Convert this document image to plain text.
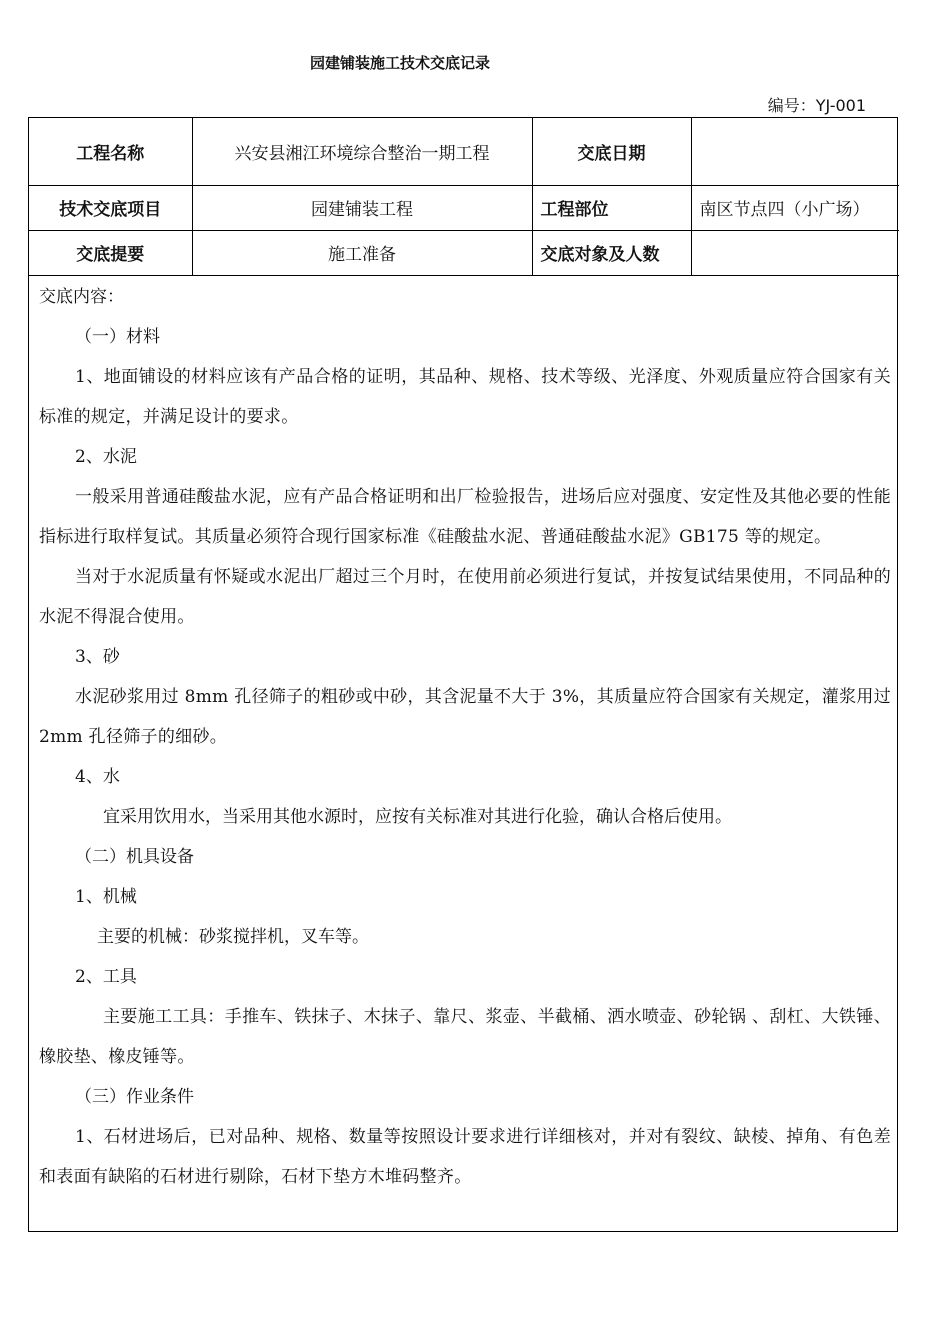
园建铺装施工技术交底记录
编号：YJ-001
工程名称	兴安县湘江环境综合整治一期工程	交底日期	
技术交底项目	园建铺装工程	工程部位	南区节点四（小广场）
交底提要	施工准备	交底对象及人数	

交底内容：

（一）材料

1、地面铺设的材料应该有产品合格的证明，其品种、规格、技术等级、光泽度、外观质量应符合国家有关标准的规定，并满足设计的要求。

2、水泥

一般采用普通硅酸盐水泥，应有产品合格证明和出厂检验报告，进场后应对强度、安定性及其他必要的性能指标进行取样复试。其质量必须符合现行国家标准《硅酸盐水泥、普通硅酸盐水泥》GB175 等的规定。

当对于水泥质量有怀疑或水泥出厂超过三个月时，在使用前必须进行复试，并按复试结果使用，不同品种的水泥不得混合使用。

3、砂

水泥砂浆用过 8mm 孔径筛子的粗砂或中砂，其含泥量不大于 3%，其质量应符合国家有关规定，灌浆用过 2mm 孔径筛子的细砂。

4、水

宜采用饮用水，当采用其他水源时，应按有关标准对其进行化验，确认合格后使用。

（二）机具设备

1、机械

主要的机械：砂浆搅拌机，叉车等。

2、工具

主要施工工具：手推车、铁抹子、木抹子、靠尺、浆壶、半截桶、洒水喷壶、砂轮锅 、刮杠、大铁锤、橡胶垫、橡皮锤等。

（三）作业条件

1、石材进场后，已对品种、规格、数量等按照设计要求进行详细核对，并对有裂纹、缺棱、掉角、有色差和表面有缺陷的石材进行剔除，石材下垫方木堆码整齐。
